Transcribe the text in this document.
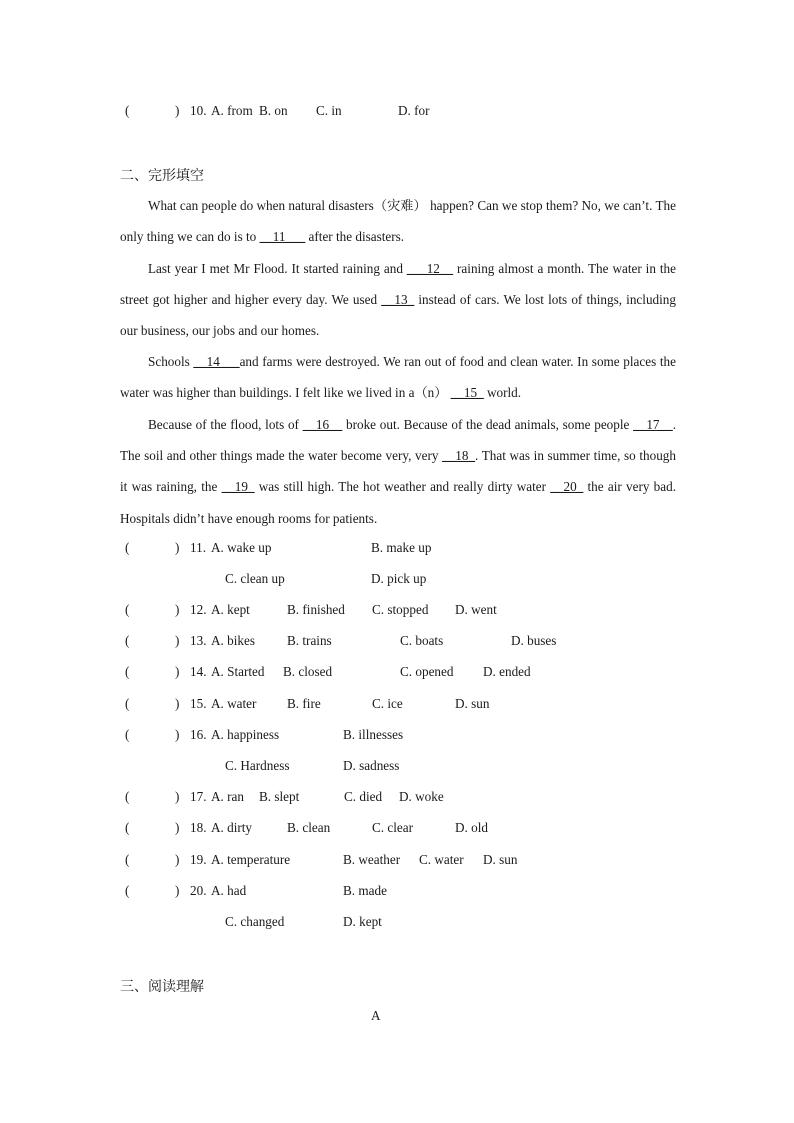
(	) 10. A. from B. on C. in	D. for
二、完形填空
What can people do when natural disasters（灾难） happen? Can we stop them? No, we can’t. The only thing we can do is to __11___ after the disasters.
Last year I met Mr Flood. It started raining and ___12__ raining almost a month. The water in the street got higher and higher every day. We used __13_ instead of cars. We lost lots of things, including our business, our jobs and our homes.
Schools __14___and farms were destroyed. We ran out of food and clean water. In some places the water was higher than buildings. I felt like we lived in a（n） __15_ world.
Because of the flood, lots of __16__ broke out. Because of the dead animals, some people __17__. The soil and other things made the water become very, very __18_. That was in summer time, so though it was raining, the __19_ was still high. The hot weather and really dirty water __20_ the air very bad. Hospitals didn’t have enough rooms for patients.
(	) 11. A. wake up	B. make up
C. clean up	D. pick up
(	) 12. A. kept	B. finished C. stopped D. went
(	) 13. A. bikes B. trains	C. boats	D. buses
(	) 14. A. Started B. closed	C. opened D. ended
(	) 15. A. water B. fire	C. ice	D. sun
(	) 16. A. happiness	B. illnesses
C. Hardness	D. sadness
(	) 17. A. ran B. slept	C. died D. woke
(	) 18. A. dirty	B. clean	C. clear	D. old
(	) 19. A. temperature	B. weather C. water D. sun
(	) 20. A. had	B. made
C. changed	D. kept
三、阅读理解
A
